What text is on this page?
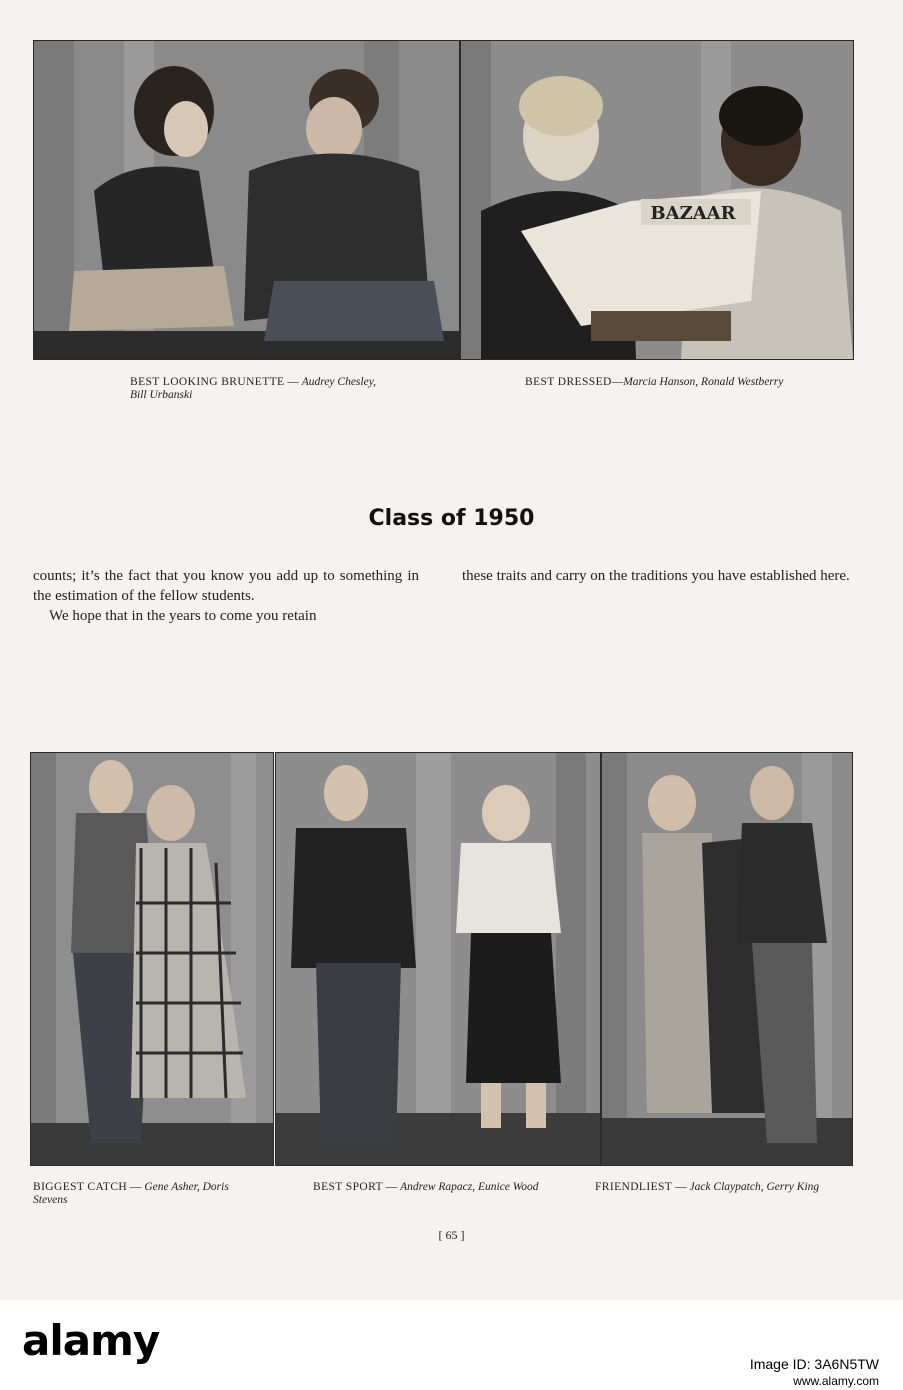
BEST LOOKING BRUNETTE — Audrey Chesley, Bill Urbanski
BAZAAR
BEST DRESSED—Marcia Hanson, Ronald Westberry
Class of 1950

counts; it’s the fact that you know you add up to something in the estimation of the fellow students.

We hope that in the years to come you retain

these traits and carry on the traditions you have established here.

BIGGEST CATCH — Gene Asher, Doris Stevens
BEST SPORT — Andrew Rapacz, Eunice Wood	FRIENDLIEST — Jack Claypatch, Gerry King
[ 65 ]
alamy	Image ID: 3A6N5TW
www.alamy.com
